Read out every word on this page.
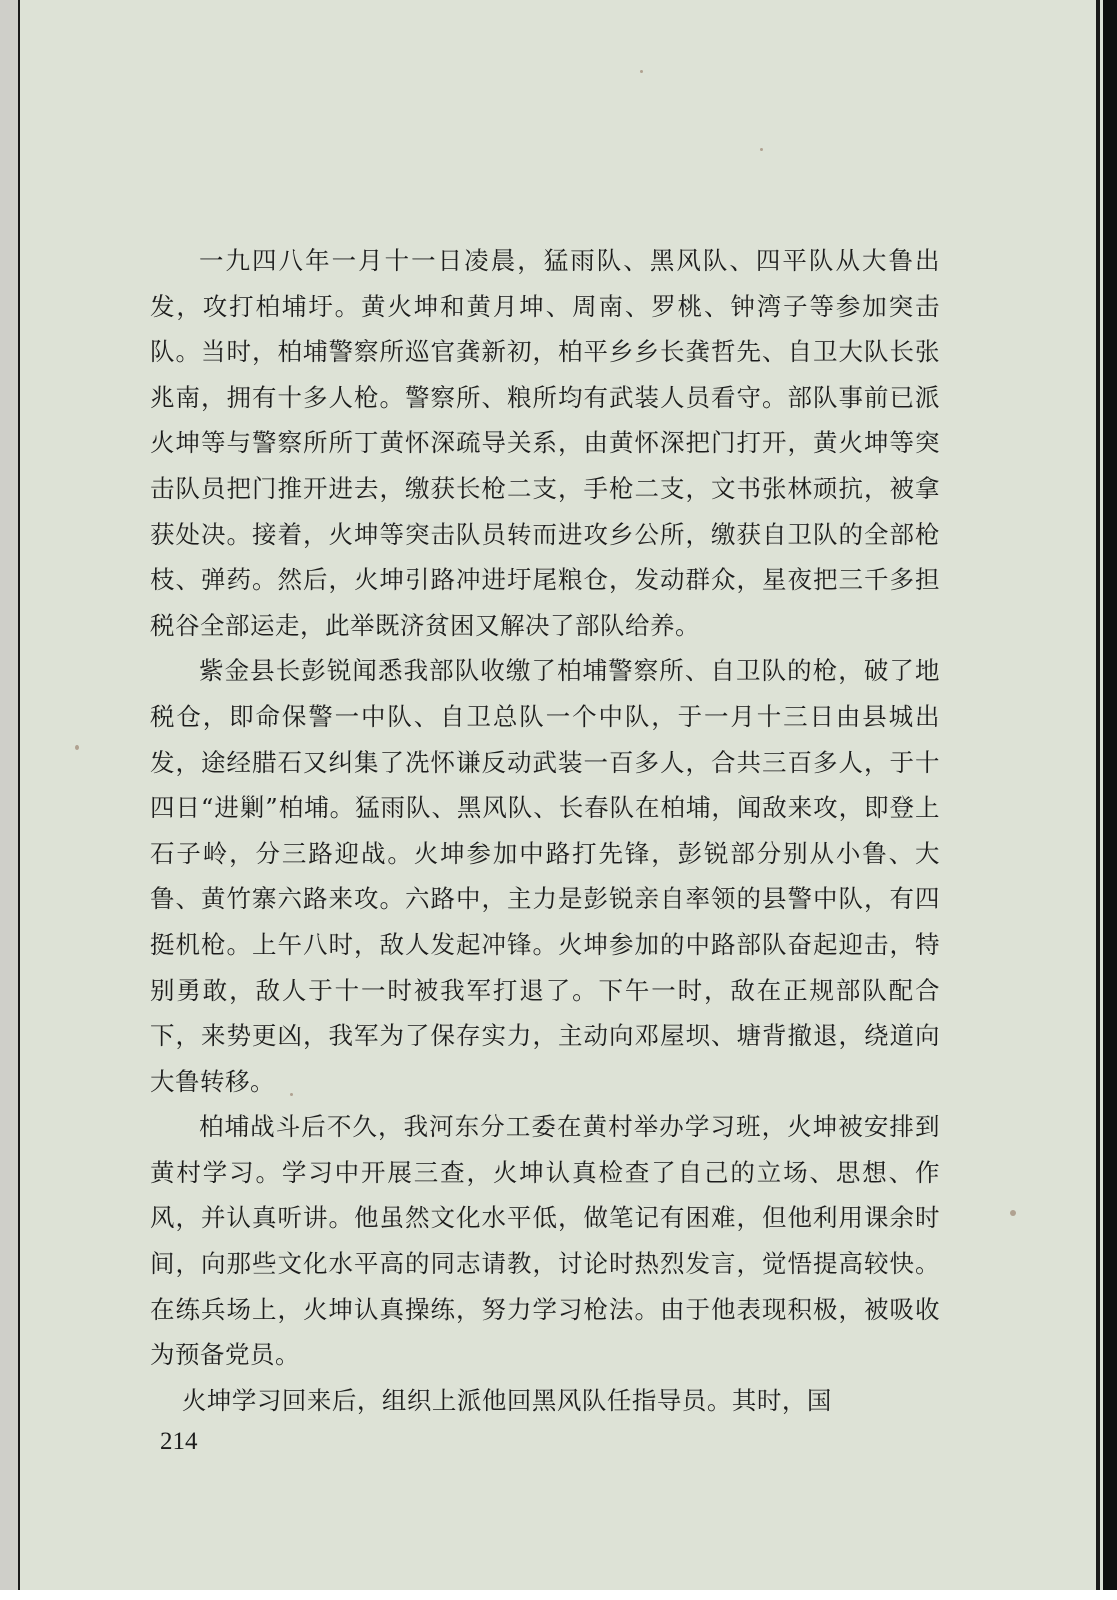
一九四八年一月十一日凌晨，猛雨队、黑风队、四平队从大鲁出发，攻打柏埔圩。黄火坤和黄月坤、周南、罗桃、钟湾子等参加突击队。当时，柏埔警察所巡官龚新初，柏平乡乡长龚哲先、自卫大队长张兆南，拥有十多人枪。警察所、粮所均有武装人员看守。部队事前已派火坤等与警察所所丁黄怀深疏导关系，由黄怀深把门打开，黄火坤等突击队员把门推开进去，缴获长枪二支，手枪二支，文书张林顽抗，被拿获处决。接着，火坤等突击队员转而进攻乡公所，缴获自卫队的全部枪枝、弹药。然后，火坤引路冲进圩尾粮仓，发动群众，星夜把三千多担税谷全部运走，此举既济贫困又解决了部队给养。

紫金县长彭锐闻悉我部队收缴了柏埔警察所、自卫队的枪，破了地税仓，即命保警一中队、自卫总队一个中队，于一月十三日由县城出发，途经腊石又纠集了冼怀谦反动武装一百多人，合共三百多人，于十四日“进剿”柏埔。猛雨队、黑风队、长春队在柏埔，闻敌来攻，即登上石子岭，分三路迎战。火坤参加中路打先锋，彭锐部分别从小鲁、大鲁、黄竹寨六路来攻。六路中，主力是彭锐亲自率领的县警中队，有四挺机枪。上午八时，敌人发起冲锋。火坤参加的中路部队奋起迎击，特别勇敢，敌人于十一时被我军打退了。下午一时，敌在正规部队配合下，来势更凶，我军为了保存实力，主动向邓屋坝、塘背撤退，绕道向大鲁转移。

柏埔战斗后不久，我河东分工委在黄村举办学习班，火坤被安排到黄村学习。学习中开展三查，火坤认真检查了自己的立场、思想、作风，并认真听讲。他虽然文化水平低，做笔记有困难，但他利用课余时间，向那些文化水平高的同志请教，讨论时热烈发言，觉悟提高较快。在练兵场上，火坤认真操练，努力学习枪法。由于他表现积极，被吸收为预备党员。

火坤学习回来后，组织上派他回黑风队任指导员。其时，国

214
